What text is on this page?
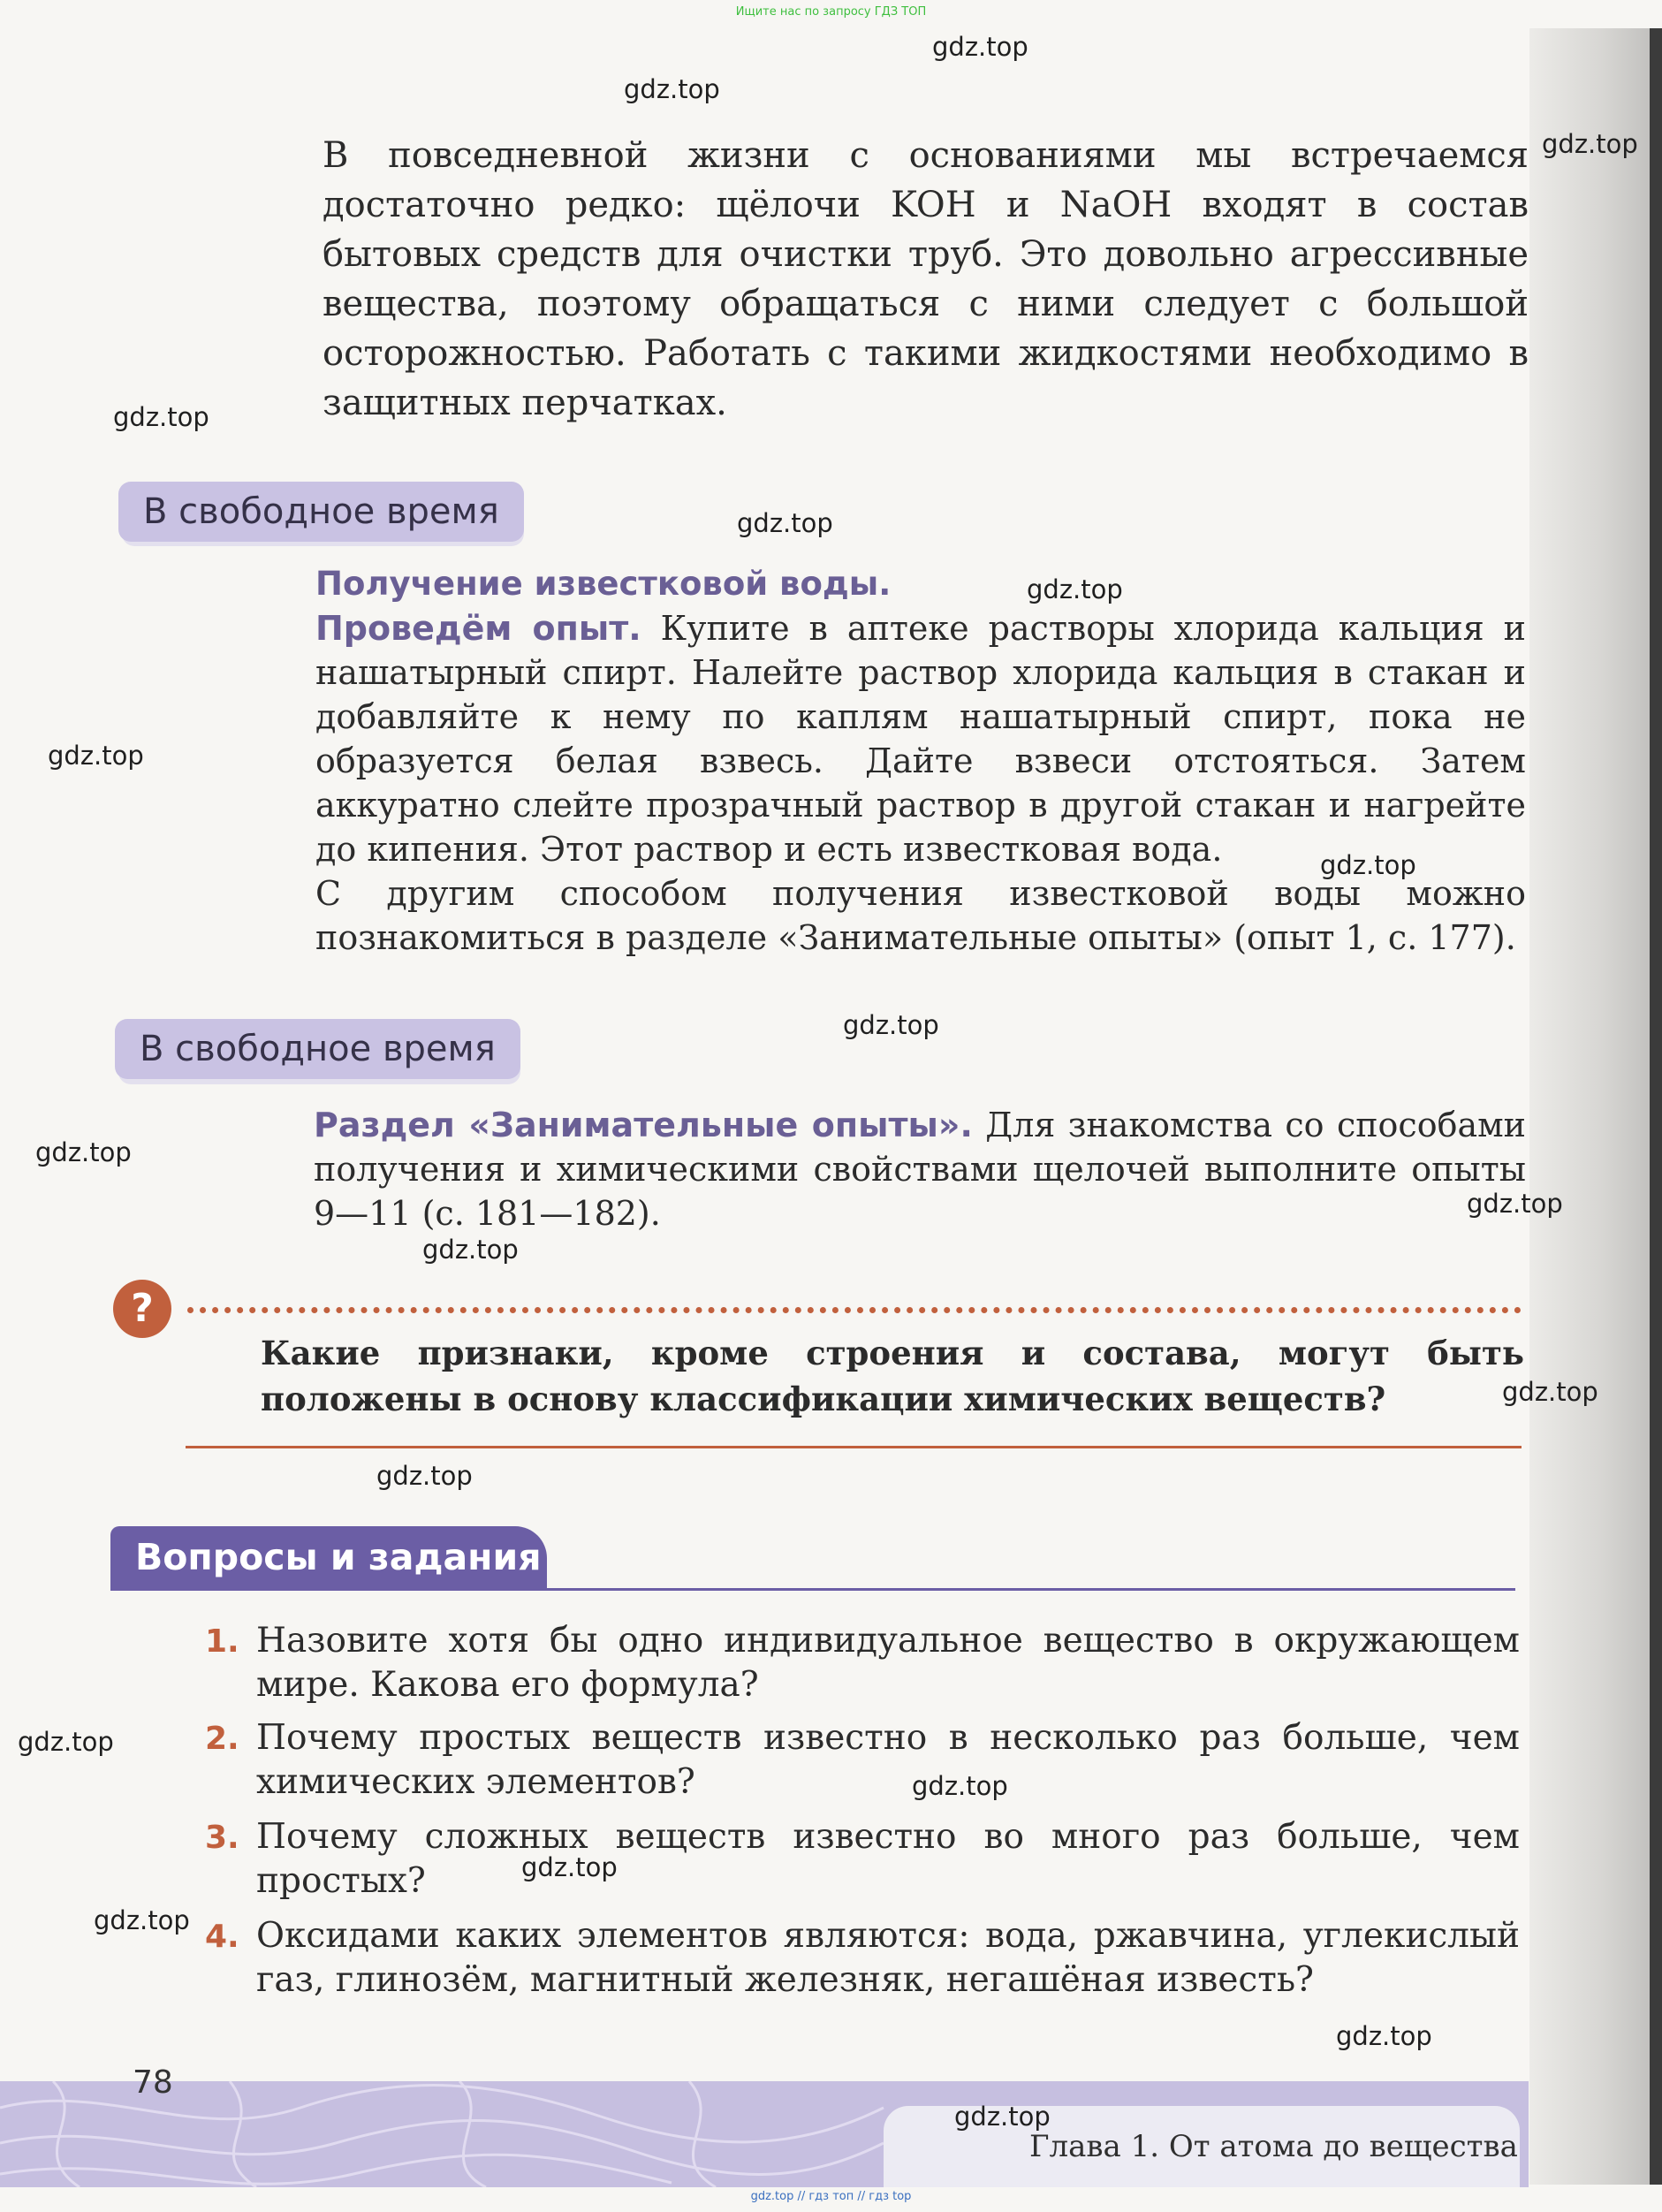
Ищите нас по запросу ГДЗ ТОП

В повседневной жизни с основаниями мы встречаемся достаточно редко: щёлочи KOH и NaOH входят в состав бытовых средств для очистки труб. Это довольно агрессивные вещества, поэтому обращаться с ними следует с большой осторожностью. Работать с такими жидкостями необходимо в защитных перчатках.

В свободное время
Получение известковой воды.

Проведём опыт. Купите в аптеке растворы хлорида кальция и нашатырный спирт. Налейте раствор хлорида кальция в стакан и добавляйте к нему по каплям нашатырный спирт, пока не образуется белая взвесь. Дайте взвеси отстояться. Затем аккуратно слейте прозрачный раствор в другой стакан и нагрейте до кипения. Этот раствор и есть известковая вода.

С другим способом получения известковой воды можно познакомиться в разделе «Занимательные опыты» (опыт 1, с. 177).

В свободное время

Раздел «Занимательные опыты». Для знакомства со способами получения и химическими свойствами щелочей выполните опыты 9—11 (с. 181—182).

?

Какие признаки, кроме строения и состава, могут быть положены в основу классификации химических веществ?

Вопросы и задания
1. Назовите хотя бы одно индивидуальное вещество в окружающем мире. Какова его формула?

2. Почему простых веществ известно в несколько раз больше, чем химических элементов?

3. Почему сложных веществ известно во много раз больше, чем простых?

4. Оксидами каких элементов являются: вода, ржавчина, углекислый газ, глинозём, магнитный железняк, негашёная известь?

78
Глава 1. От атома до вещества
gdz.top
gdz.top
gdz.top
gdz.top
gdz.top
gdz.top
gdz.top
gdz.top
gdz.top
gdz.top
gdz.top
gdz.top
gdz.top
gdz.top
gdz.top
gdz.top
gdz.top
gdz.top
gdz.top
gdz.top
gdz.top // гдз топ // гдз top
